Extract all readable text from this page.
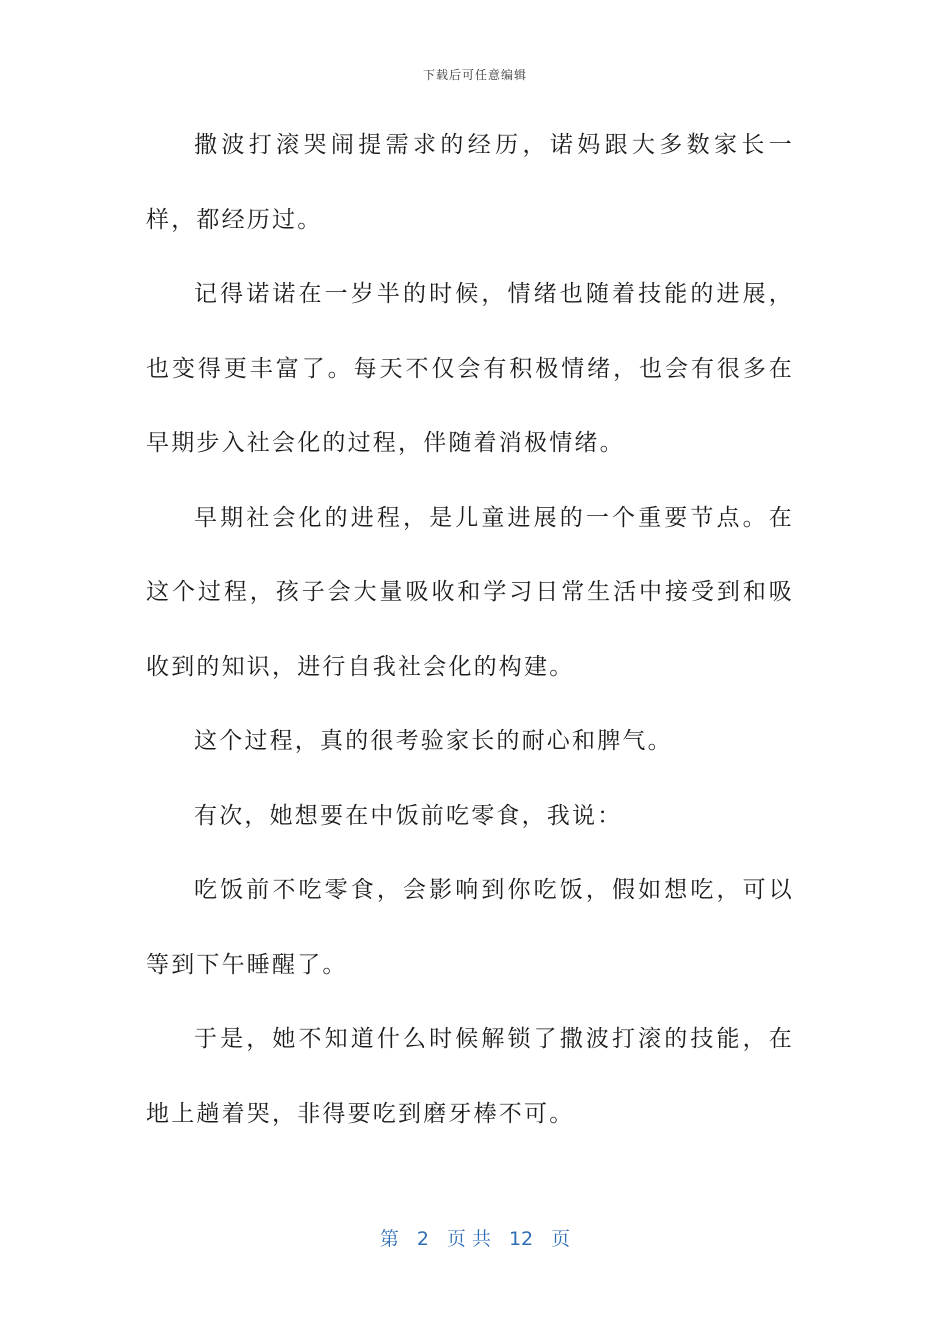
下载后可任意编辑

撒波打滚哭闹提需求的经历，诺妈跟大多数家长一样，都经历过。

记得诺诺在一岁半的时候，情绪也随着技能的进展，也变得更丰富了。每天不仅会有积极情绪，也会有很多在早期步入社会化的过程，伴随着消极情绪。

早期社会化的进程，是儿童进展的一个重要节点。在这个过程，孩子会大量吸收和学习日常生活中接受到和吸收到的知识，进行自我社会化的构建。

这个过程，真的很考验家长的耐心和脾气。

有次，她想要在中饭前吃零食，我说：

吃饭前不吃零食，会影响到你吃饭，假如想吃，可以等到下午睡醒了。

于是，她不知道什么时候解锁了撒波打滚的技能，在地上趟着哭，非得要吃到磨牙棒不可。

第 2 页 共 12 页
